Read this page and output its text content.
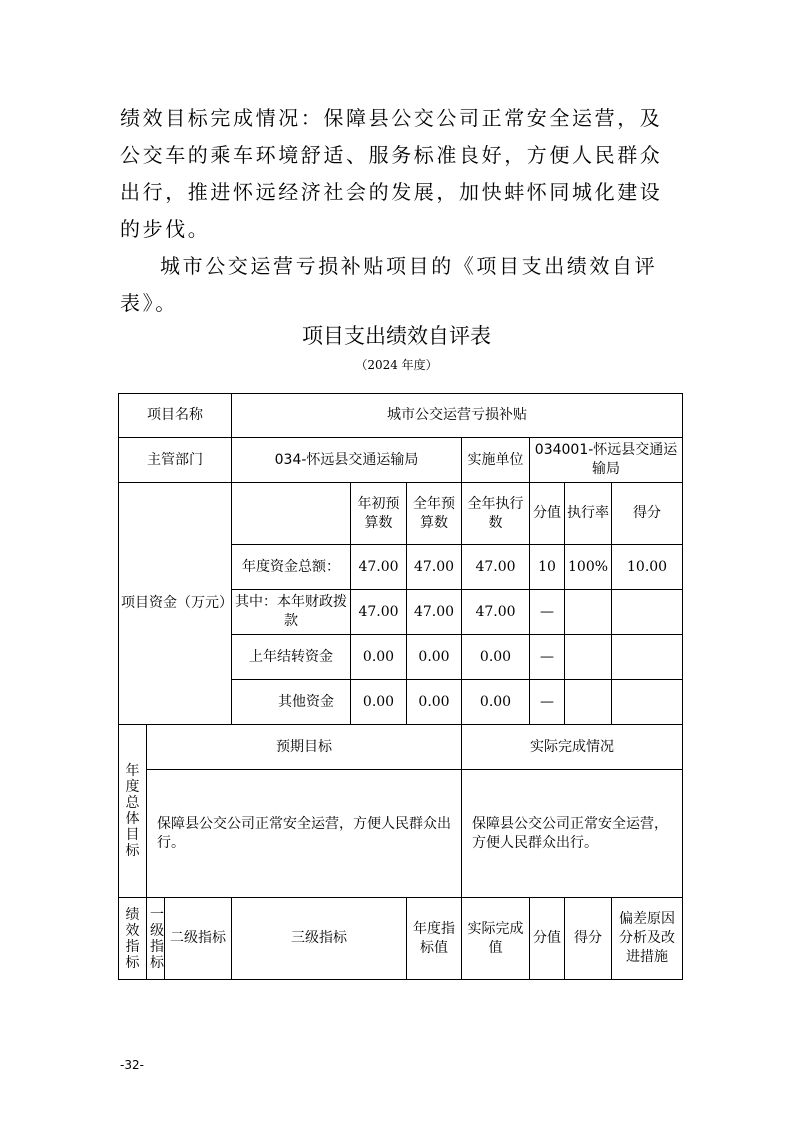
绩效目标完成情况：保障县公交公司正常安全运营，及公交车的乘车环境舒适、服务标准良好，方便人民群众出行，推进怀远经济社会的发展，加快蚌怀同城化建设的步伐。

城市公交运营亏损补贴项目的《项目支出绩效自评表》。

项目支出绩效自评表
（2024 年度）
项目名称			城市公交运营亏损补贴						
主管部门			034-怀远县交通运输局			实施单位	034001-怀远县交通运输局		
项目资金（万元）				年初预算数	全年预算数	全年执行数	分值	执行率	得分
			年度资金总额：	47.00	47.00	47.00	10	100%	10.00
			其中：本年财政拨款	47.00	47.00	47.00	—		
			上年结转资金	0.00	0.00	0.00	—		
			其他资金	0.00	0.00	0.00	—		
年度总体目标	预期目标					实际完成情况			
	保障县公交公司正常安全运营，方便人民群众出行。					保障县公交公司正常安全运营，方便人民群众出行。			
绩效指标	一级指标	二级指标	三级指标		年度指标值	实际完成值	分值	得分	偏差原因分析及改进措施
-32-
